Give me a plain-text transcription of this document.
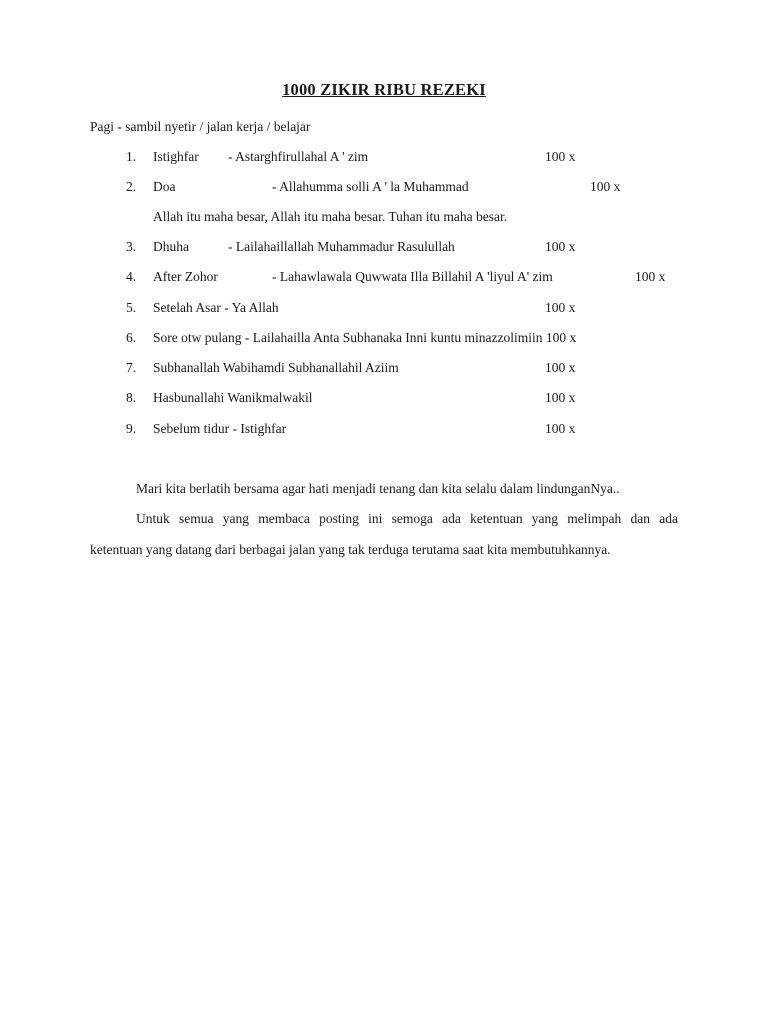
1000 ZIKIR RIBU REZEKI
Pagi - sambil nyetir / jalan kerja / belajar
1. Istighfar - Astarghfirullahal A ' zim	100 x
2. Doa	- Allahumma solli A ' la Muhammad	100 x
Allah itu maha besar, Allah itu maha besar. Tuhan itu maha besar.
3. Dhuha	- Lailahaillallah Muhammadur Rasulullah	100 x
4. After Zohor	- Lahawlawala Quwwata Illa Billahil A 'liyul A' zim	100 x
5. Setelah Asar - Ya Allah	100 x
6. Sore otw pulang - Lailahailla Anta Subhanaka Inni kuntu minazzolimiin 100 x
7. Subhanallah Wabihamdi Subhanallahil Aziim	100 x
8. Hasbunallahi Wanikmalwakil	100 x
9. Sebelum tidur - Istighfar	100 x
Mari kita berlatih bersama agar hati menjadi tenang dan kita selalu dalam lindunganNya..
Untuk semua yang membaca posting ini semoga ada ketentuan yang melimpah dan ada
ketentuan yang datang dari berbagai jalan yang tak terduga terutama saat kita membutuhkannya.
